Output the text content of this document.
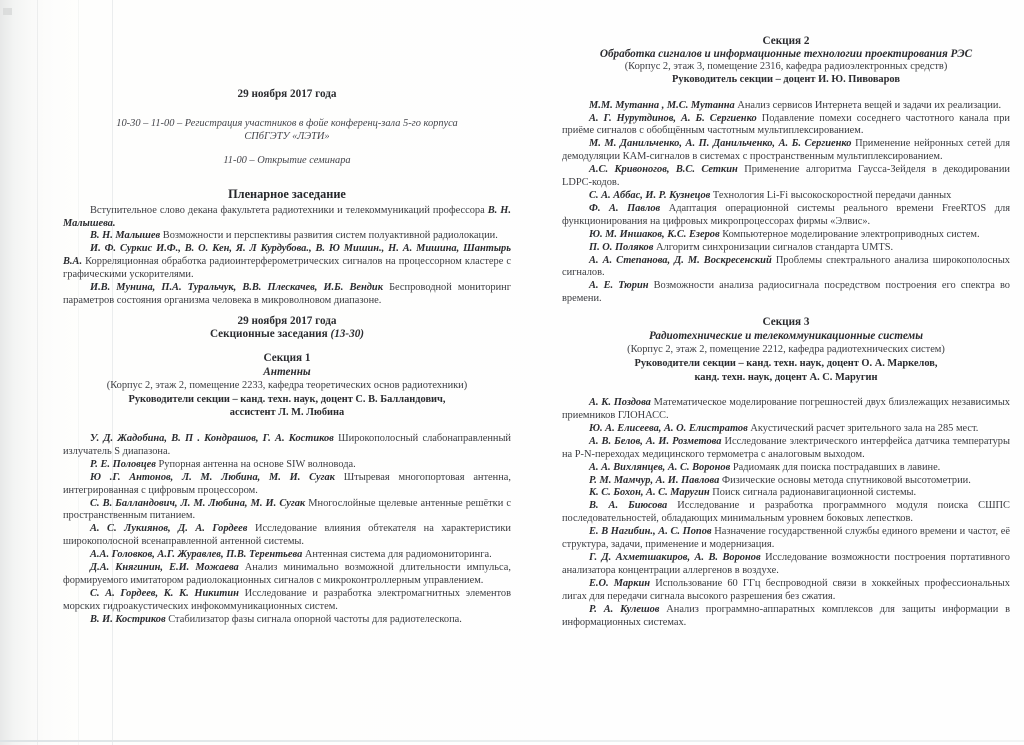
29 ноября 2017 года

10-30 – 11-00 – Регистрация участников в фойе конференц-зала 5-го корпуса

СПбГЭТУ «ЛЭТИ»

11-00 – Открытие семинара

Пленарное заседание

Вступительное слово декана факультета радиотехники и телекоммуникаций профессора В. Н. Малышева.

В. Н. Малышев Возможности и перспективы развития систем полуактивной радиолокации.

И. Ф. Суркис И.Ф., В. О. Кен, Я. Л Курдубова., В. Ю Мишин., Н. А. Мишина, Шантырь В.А. Корреляционная обработка радиоинтерферометрических сигналов на процессорном кластере с графическими ускорителями.

И.В. Мунина, П.А. Туральчук, В.В. Плескачев, И.Б. Вендик Беспроводной мониторинг параметров состояния организма человека в микроволновом диапазоне.

29 ноября 2017 года

Секционные заседания (13-30)

Секция 1

Антенны

(Корпус 2, этаж 2, помещение 2233, кафедра теоретических основ радиотехники)

Руководители секции – канд. техн. наук, доцент С. В. Балландович,

ассистент Л. М. Любина

У. Д. Жадобина, В. П . Кондрашов, Г. А. Костиков Широкополосный слабонаправленный излучатель S диапазона.

Р. Е. Половцев Рупорная антенна на основе SIW волновода.

Ю .Г. Антонов, Л. М. Любина, М. И. Сугак Штыревая многопортовая антенна, интегрированная с цифровым процессором.

С. В. Балландович, Л. М. Любина, М. И. Сугак Многослойные щелевые антенные решётки с пространственным питанием.

А. С. Лукиянов, Д. А. Гордеев Исследование влияния обтекателя на характеристики широкополосной всенаправленной антенной системы.

А.А. Головков, А.Г. Журавлев, П.В. Терентьева Антенная система для радиомониторинга.

Д.А. Княгинин, Е.И. Можаева Анализ минимально возможной длительности импульса, формируемого имитатором радиолокационных сигналов с микроконтроллерным управлением.

С. А. Гордеев, К. К. Никитин Исследование и разработка электромагнитных элементов морских гидроакустических инфокоммуникационных систем.

В. И. Костриков Стабилизатор фазы сигнала опорной частоты для радиотелескопа.

Секция 2

Обработка сигналов и информационные технологии проектирования РЭС

(Корпус 2, этаж 3, помещение 2316, кафедра радиоэлектронных средств)

Руководитель секции – доцент И. Ю. Пивоваров

М.М. Мутанна , М.С. Мутанна Анализ сервисов Интернета вещей и задачи их реализации.

А. Г. Нурутдинов, А. Б. Сергиенко Подавление помехи соседнего частотного канала при приёме сигналов с обобщённым частотным мультиплексированием.

М. М. Данильченко, А. П. Данильченко, А. Б. Сергиенко Применение нейронных сетей для демодуляции КАМ-сигналов в системах с пространственным мультиплексированием.

А.С. Кривоногов, В.С. Сеткин Применение алгоритма Гаусса-Зейделя в декодировании LDPC-кодов.

С. А. Аббас, И. Р. Кузнецов Технология Li-Fi высокоскоростной передачи данных

Ф. А. Павлов Адаптация операционной системы реального времени FreeRTOS для функционирования на цифровых микропроцессорах фирмы «Элвис».

Ю. М. Иншаков, К.С. Езеров Компьютерное моделирование электроприводных систем.

П. О. Поляков Алгоритм синхронизации сигналов стандарта UMTS.

А. А. Степанова, Д. М. Воскресенский Проблемы спектрального анализа широкополосных сигналов.

А. Е. Тюрин Возможности анализа радиосигнала посредством построения его спектра во времени.

Секция 3

Радиотехнические и телекоммуникационные системы

(Корпус 2, этаж 2, помещение 2212, кафедра радиотехнических систем)

Руководители секции – канд. техн. наук, доцент О. А. Маркелов,

канд. техн. наук, доцент А. С. Маругин

А. К. Поздова Математическое моделирование погрешностей двух близлежащих независимых приемников ГЛОНАСС.

Ю. А. Елисеева, А. О. Елистратов Акустический расчет зрительного зала на 285 мест.

А. В. Белов, А. И. Розметова Исследование электрического интерфейса датчика температуры на P-N-переходах медицинского термометра с аналоговым выходом.

А. А. Вихлянцев, А. С. Воронов Радиомаяк для поиска пострадавших в лавине.

Р. М. Мамчур, А. И. Павлова Физические основы метода спутниковой высотометрии.

К. С. Бохон, А. С. Маругин Поиск сигнала радионавигационной системы.

В. А. Биюсова Исследование и разработка программного модуля поиска СШПС последовательностей, обладающих минимальным уровнем боковых лепестков.

Е. В Нагибин., А. С. Попов Назначение государственной службы единого времени и частот, её структура, задачи, применение и модернизация.

Г. Д. Ахметшакиров, А. В. Воронов Исследование возможности построения портативного анализатора концентрации аллергенов в воздухе.

Е.О. Маркин Использование 60 ГГц беспроводной связи в хоккейных профессиональных лигах для передачи сигнала высокого разрешения без сжатия.

Р. А. Кулешов Анализ программно-аппаратных комплексов для защиты информации в информационных системах.
